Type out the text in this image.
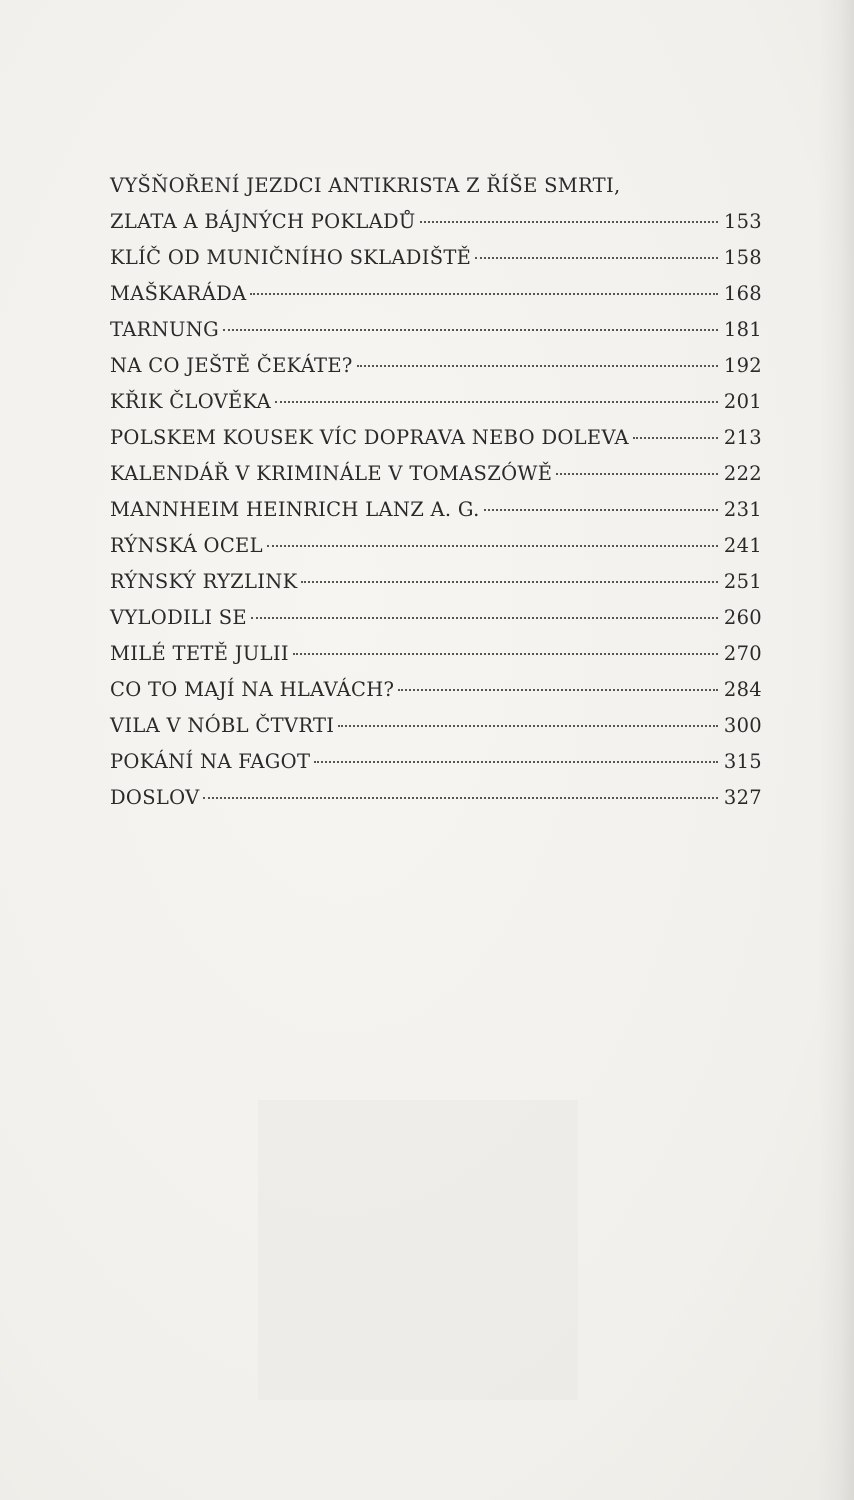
VYŠŇOŘENÍ JEZDCI ANTIKRISTA Z ŘÍŠE SMRTI,
ZLATA A BÁJNÝCH POKLADŮ	153
KLÍČ OD MUNIČNÍHO SKLADIŠTĚ	158
MAŠKARÁDA	168
TARNUNG	181
NA CO JEŠTĚ ČEKÁTE?	192
KŘIK ČLOVĚKA	201
POLSKEM KOUSEK VÍC DOPRAVA NEBO DOLEVA	213
KALENDÁŘ V KRIMINÁLE V TOMASZÓWĚ	222
MANNHEIM HEINRICH LANZ A. G.	231
RÝNSKÁ OCEL	241
RÝNSKÝ RYZLINK	251
VYLODILI SE	260
MILÉ TETĚ JULII	270
CO TO MAJÍ NA HLAVÁCH?	284
VILA V NÓBL ČTVRTI	300
POKÁNÍ NA FAGOT	315
DOSLOV	327
